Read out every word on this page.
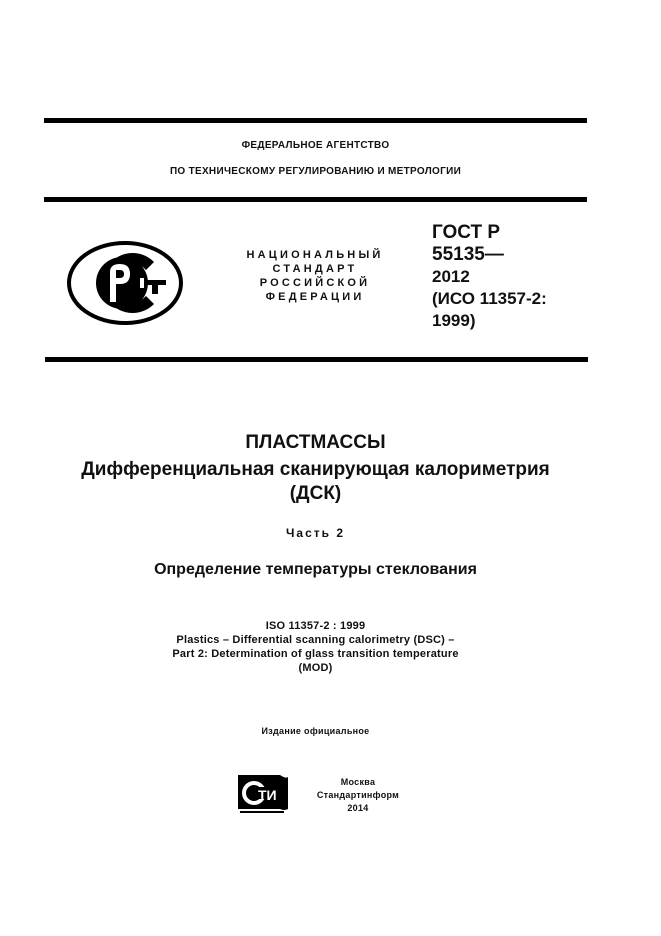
ФЕДЕРАЛЬНОЕ АГЕНТСТВО
ПО ТЕХНИЧЕСКОМУ РЕГУЛИРОВАНИЮ И МЕТРОЛОГИИ
НАЦИОНАЛЬНЫЙ
СТАНДАРТ
РОССИЙСКОЙ
ФЕДЕРАЦИИ
ГОСТ Р
55135—
2012
(ИСО 11357-2:
1999)
ПЛАСТМАССЫ
Дифференциальная сканирующая калориметрия
(ДСК)
Часть 2
Определение температуры стеклования
ISO 11357-2 : 1999
Plastics – Differential scanning calorimetry (DSC) –
Part 2: Determination of glass transition temperature
(MOD)
Издание официальное
ТИ
Москва
Стандартинформ
2014
